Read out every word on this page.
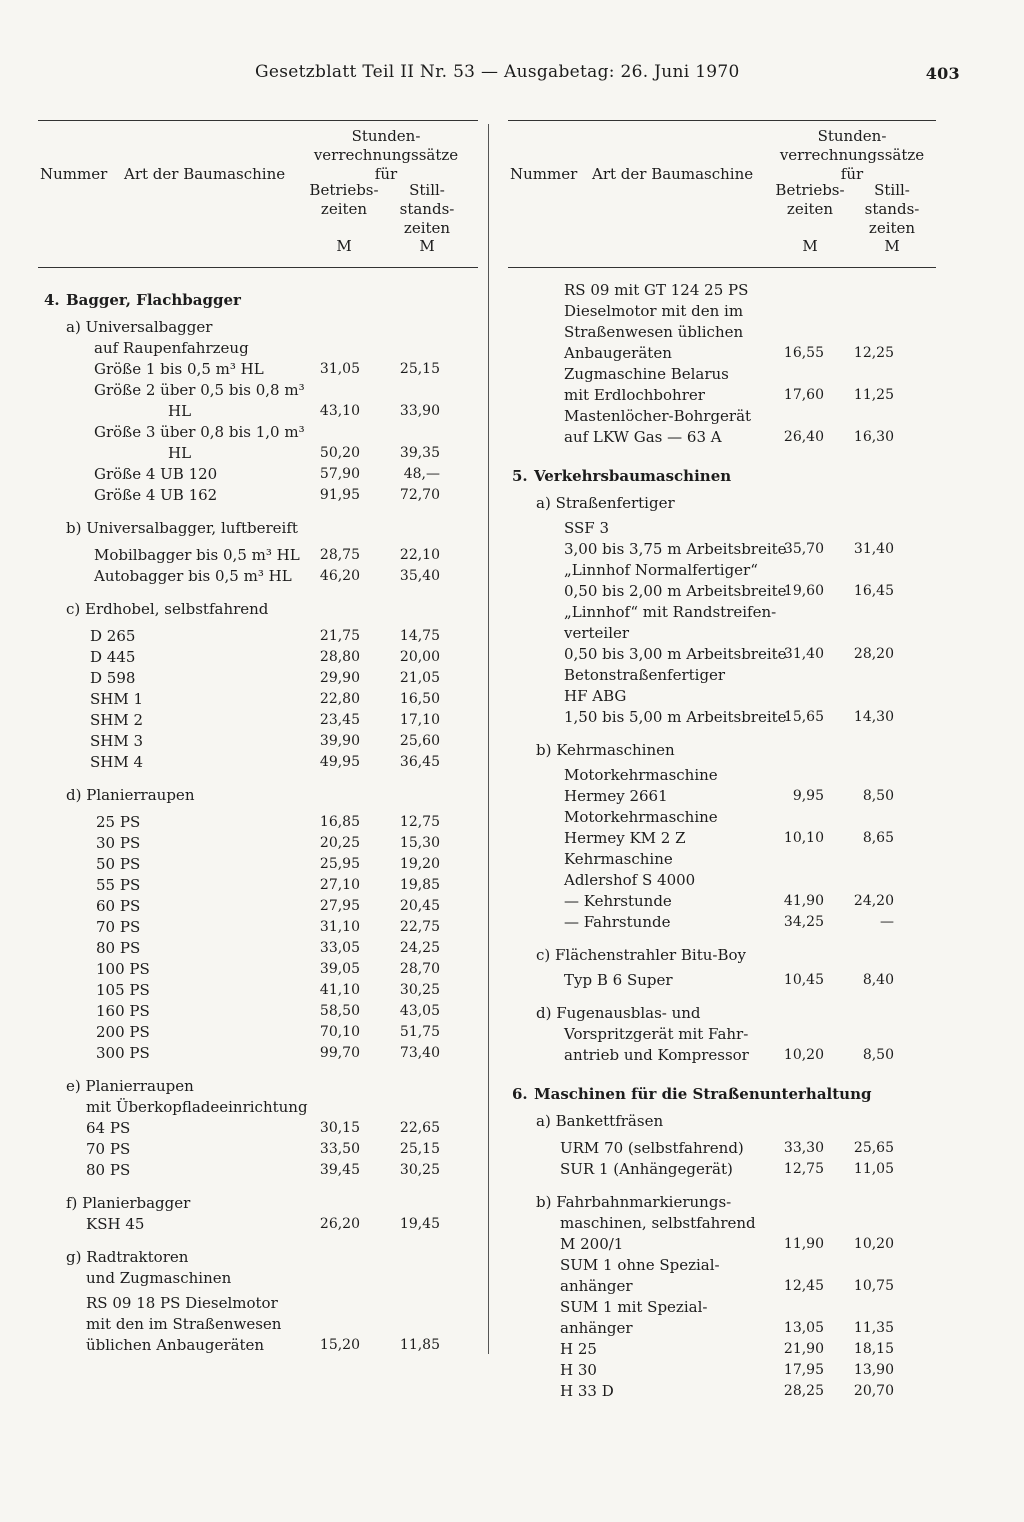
Gesetzblatt Teil II Nr. 53 — Ausgabetag: 26. Juni 1970	403
Nummer Art der Baumaschine
Stunden-
verrechnungssätze
für
Betriebs-
zeiten
Still-
stands-
zeiten
M	M
4. Bagger, Flachbagger
a) Universalbagger
auf Raupenfahrzeug
Größe 1 bis 0,5 m³ HL	31,05	25,15
Größe 2 über 0,5 bis 0,8 m³
HL	43,10	33,90
Größe 3 über 0,8 bis 1,0 m³
HL	50,20	39,35
Größe 4 UB 120	57,90	48,—
Größe 4 UB 162	91,95	72,70
b) Universalbagger, luftbereift
Mobilbagger bis 0,5 m³ HL	28,75	22,10
Autobagger bis 0,5 m³ HL	46,20	35,40
c) Erdhobel, selbstfahrend
D 265	21,75	14,75
D 445	28,80	20,00
D 598	29,90	21,05
SHM 1	22,80	16,50
SHM 2	23,45	17,10
SHM 3	39,90	25,60
SHM 4	49,95	36,45
d) Planierraupen
25 PS	16,85	12,75
30 PS	20,25	15,30
50 PS	25,95	19,20
55 PS	27,10	19,85
60 PS	27,95	20,45
70 PS	31,10	22,75
80 PS	33,05	24,25
100 PS	39,05	28,70
105 PS	41,10	30,25
160 PS	58,50	43,05
200 PS	70,10	51,75
300 PS	99,70	73,40
e) Planierraupen
mit Überkopfladeeinrichtung
64 PS	30,15	22,65
70 PS	33,50	25,15
80 PS	39,45	30,25
f) Planierbagger
KSH 45	26,20	19,45
g) Radtraktoren
und Zugmaschinen
RS 09 18 PS Dieselmotor
mit den im Straßenwesen
üblichen Anbaugeräten	15,20	11,85
Nummer Art der Baumaschine
Stunden-
verrechnungssätze
für
Betriebs-
zeiten
Still-
stands-
zeiten
M	M
RS 09 mit GT 124 25 PS
Dieselmotor mit den im
Straßenwesen üblichen
Anbaugeräten	16,55 12,25
Zugmaschine Belarus
mit Erdlochbohrer	17,60 11,25
Mastenlöcher-Bohrgerät
auf LKW Gas — 63 A	26,40 16,30
5. Verkehrsbaumaschinen
a) Straßenfertiger
SSF 3
3,00 bis 3,75 m Arbeitsbreite
35,70 31,40
„Linnhof Normalfertiger“
0,50 bis 2,00 m Arbeitsbreite
19,60 16,45
„Linnhof“ mit Randstreifen-
verteiler
0,50 bis 3,00 m Arbeitsbreite
31,40 28,20
Betonstraßenfertiger
HF ABG
1,50 bis 5,00 m Arbeitsbreite
15,65 14,30
b) Kehrmaschinen
Motorkehrmaschine
Hermey 2661	9,95	8,50
Motorkehrmaschine
Hermey KM 2 Z	10,10	8,65
Kehrmaschine
Adlershof S 4000
— Kehrstunde	41,90 24,20
— Fahrstunde	34,25	—
c) Flächenstrahler Bitu-Boy
Typ B 6 Super	10,45	8,40
d) Fugenausblas- und
Vorspritzgerät mit Fahr-
antrieb und Kompressor	10,20	8,50
6. Maschinen für die Straßenunterhaltung
a) Bankettfräsen
URM 70 (selbstfahrend)	33,30 25,65
SUR 1 (Anhängegerät)	12,75 11,05
b) Fahrbahnmarkierungs-
maschinen, selbstfahrend
M 200/1	11,90 10,20
SUM 1 ohne Spezial-
anhänger	12,45 10,75
SUM 1 mit Spezial-
anhänger	13,05 11,35
H 25	21,90 18,15
H 30	17,95 13,90
H 33 D	28,25 20,70
